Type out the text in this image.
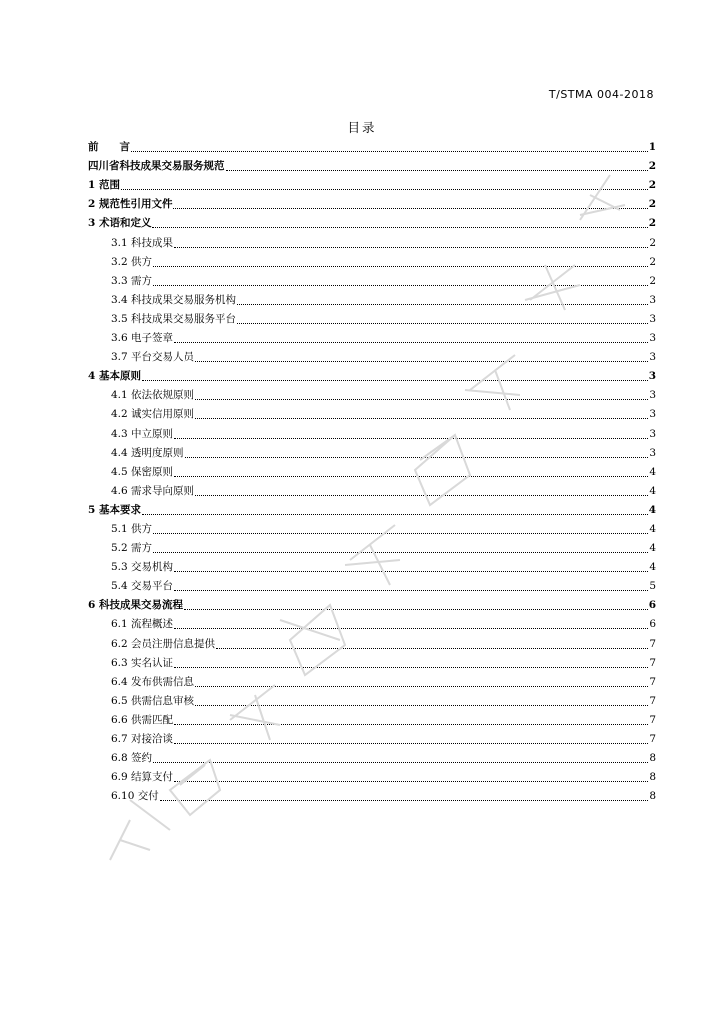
T/STMA 004-2018
目录
前　　言	1
四川省科技成果交易服务规范	2
1 范围	2
2 规范性引用文件	2
3 术语和定义	2
3.1 科技成果	2
3.2 供方	2
3.3 需方	2
3.4 科技成果交易服务机构	3
3.5 科技成果交易服务平台	3
3.6 电子签章	3
3.7 平台交易人员	3
4 基本原则	3
4.1 依法依规原则	3
4.2 诚实信用原则	3
4.3 中立原则	3
4.4 透明度原则	3
4.5 保密原则	4
4.6 需求导向原则	4
5 基本要求	4
5.1 供方	4
5.2 需方	4
5.3 交易机构	4
5.4 交易平台	5
6 科技成果交易流程	6
6.1 流程概述	6
6.2 会员注册信息提供	7
6.3 实名认证	7
6.4 发布供需信息	7
6.5 供需信息审核	7
6.6 供需匹配	7
6.7 对接洽谈	7
6.8 签约	8
6.9 结算支付	8
6.10 交付	8
